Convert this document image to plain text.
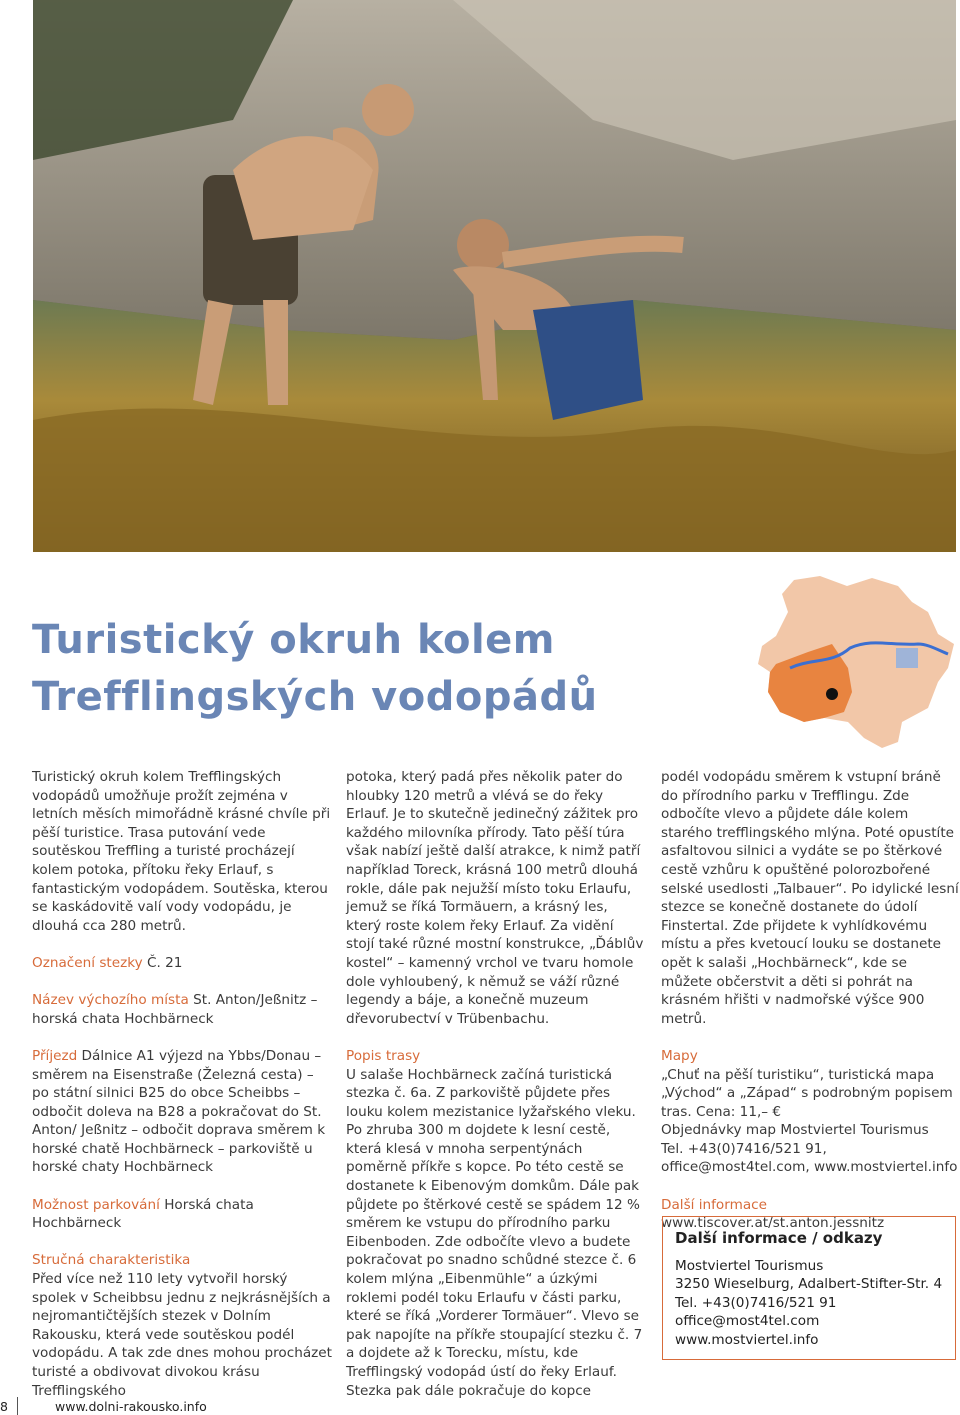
Turistický okruh kolem
Trefflingských vodopádů

Turistický okruh kolem Trefflingských vodopádů umožňuje prožít zejména v letních měsích mimořádně krásné chvíle při pěší turistice. Trasa putování vede soutěskou Treffling a turisté procházejí kolem potoka, přítoku řeky Erlauf, s fantastickým vodopádem. Soutěska, kterou se kaskádovitě valí vody vodopádu, je dlouhá cca 280 metrů.

Označení stezky Č. 21

Název výchozího místa St. Anton/Jeßnitz – horská chata Hochbärneck

Příjezd Dálnice A1 výjezd na Ybbs/Donau – směrem na Eisenstraße (Železná cesta) – po státní silnici B25 do obce Scheibbs – odbočit doleva na B28 a pokračovat do St. Anton/ Jeßnitz – odbočit doprava směrem k horské chatě Hochbärneck – parkoviště u horské chaty Hochbärneck

Možnost parkování Horská chata Hochbärneck

Stručná charakteristika
Před více než 110 lety vytvořil horský spolek v Scheibbsu jednu z nejkrásnějších a nejromantičtějších stezek v Dolním Rakousku, která vede soutěskou podél vodopádu. A tak zde dnes mohou procházet turisté a obdivovat divokou krásu Trefflingského

potoka, který padá přes několik pater do hloubky 120 metrů a vlévá se do řeky Erlauf. Je to skutečně jedinečný zážitek pro každého milovníka přírody. Tato pěší túra však nabízí ještě další atrakce, k nimž patří například Toreck, krásná 100 metrů dlouhá rokle, dále pak nejužší místo toku Erlaufu, jemuž se říká Tormäuern, a krásný les, který roste kolem řeky Erlauf. Za vidění stojí také různé mostní konstrukce, „Ďáblův kostel“ – kamenný vrchol ve tvaru homole dole vyhloubený, k němuž se váží různé legendy a báje, a konečně muzeum dřevorubectví v Trübenbachu.

Popis trasy
U salaše Hochbärneck začíná turistická stezka č. 6a. Z parkoviště půjdete přes louku kolem mezistanice lyžařského vleku. Po zhruba 300 m dojdete k lesní cestě, která klesá v mnoha serpentýnách poměrně příkře s kopce. Po této cestě se dostanete k Eibenovým domkům. Dále pak půjdete po štěrkové cestě se spádem 12 % směrem ke vstupu do přírodního parku Eibenboden. Zde odbočíte vlevo a budete pokračovat po snadno schůdné stezce č. 6 kolem mlýna „Eibenmühle“ a úzkými roklemi podél toku Erlaufu v části parku, které se říká „Vorderer Tormäuer“. Vlevo se pak napojíte na příkře stoupající stezku č. 7 a dojdete až k Torecku, místu, kde Trefflingský vodopád ústí do řeky Erlauf. Stezka pak dále pokračuje do kopce

podél vodopádu směrem k vstupní bráně do přírodního parku v Trefflingu. Zde odbočíte vlevo a půjdete dále kolem starého trefflingského mlýna. Poté opustíte asfaltovou silnici a vydáte se po štěrkové cestě vzhůru k opuštěné polorozbořené selské usedlosti „Talbauer“. Po idylické lesní stezce se konečně dostanete do údolí Finstertal. Zde přijdete k vyhlídkovému místu a přes kvetoucí louku se dostanete opět k salaši „Hochbärneck“, kde se můžete občerstvit a děti si pohrát na krásném hřišti v nadmořské výšce 900 metrů.

Mapy
„Chuť na pěší turistiku“, turistická mapa „Východ“ a „Západ“ s podrobným popisem tras. Cena: 11,– €
Objednávky map Mostviertel Tourismus
Tel. +43(0)7416/521 91,
office@most4tel.com, www.mostviertel.info

Další informace
www.tiscover.at/st.anton.jessnitz

Další informace / odkazy
Mostviertel Tourismus
3250 Wieselburg, Adalbert-Stifter-Str. 4
Tel. +43(0)7416/521 91
office@most4tel.com
www.mostviertel.info
8	www.dolni-rakousko.info
